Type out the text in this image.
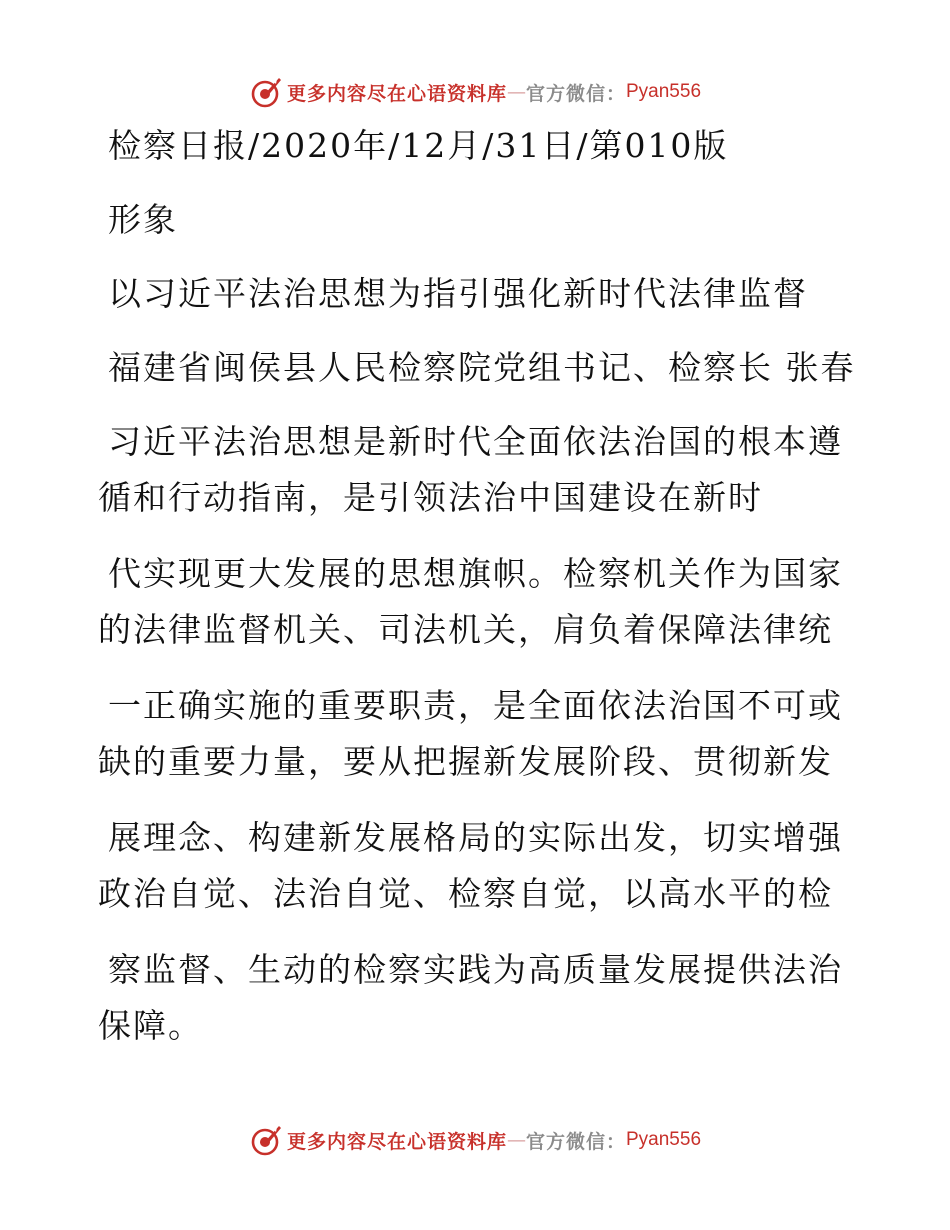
更多内容尽在心语资料库 — 官方微信： Pyan556
检察日报/2020年/12月/31日/第010版
形象
以习近平法治思想为指引强化新时代法律监督
福建省闽侯县人民检察院党组书记、检察长 张春
习近平法治思想是新时代全面依法治国的根本遵
循和行动指南，是引领法治中国建设在新时
代实现更大发展的思想旗帜。检察机关作为国家
的法律监督机关、司法机关，肩负着保障法律统
一正确实施的重要职责，是全面依法治国不可或
缺的重要力量，要从把握新发展阶段、贯彻新发
展理念、构建新发展格局的实际出发，切实增强
政治自觉、法治自觉、检察自觉，以高水平的检
察监督、生动的检察实践为高质量发展提供法治
保障。
更多内容尽在心语资料库 — 官方微信： Pyan556
